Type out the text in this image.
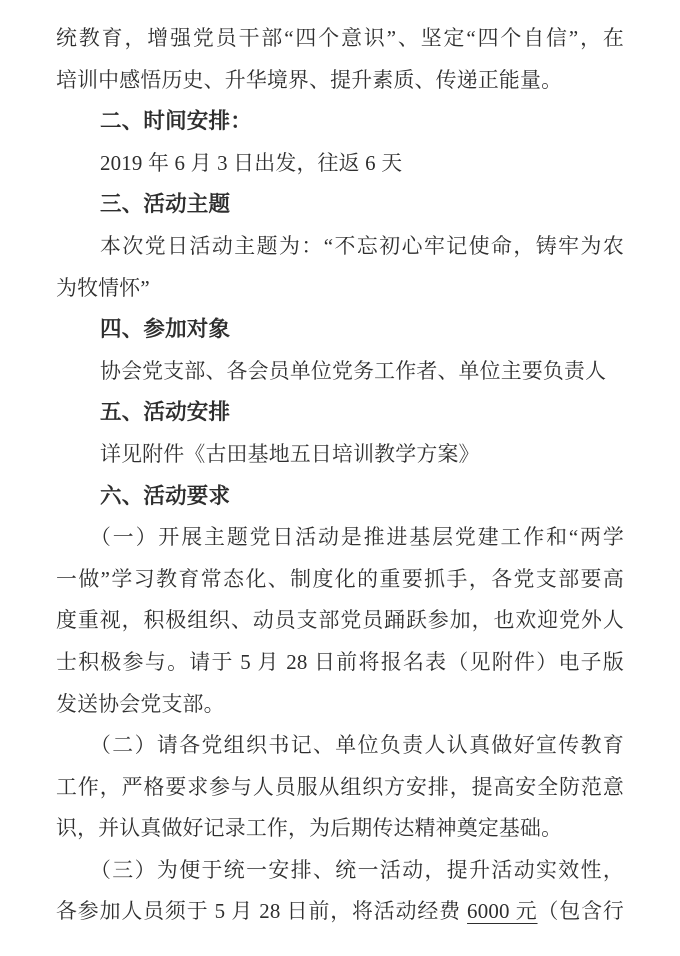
统教育，增强党员干部“四个意识”、坚定“四个自信”，在

培训中感悟历史、升华境界、提升素质、传递正能量。

二、时间安排：

2019 年 6 月 3 日出发，往返 6 天

三、活动主题

本次党日活动主题为：“不忘初心牢记使命，铸牢为农

为牧情怀”

四、参加对象

协会党支部、各会员单位党务工作者、单位主要负责人

五、活动安排

详见附件《古田基地五日培训教学方案》

六、活动要求

（一）开展主题党日活动是推进基层党建工作和“两学

一做”学习教育常态化、制度化的重要抓手，各党支部要高

度重视，积极组织、动员支部党员踊跃参加，也欢迎党外人

士积极参与。请于 5 月 28 日前将报名表（见附件）电子版

发送协会党支部。

（二）请各党组织书记、单位负责人认真做好宣传教育

工作，严格要求参与人员服从组织方安排，提高安全防范意

识，并认真做好记录工作，为后期传达精神奠定基础。

（三）为便于统一安排、统一活动，提升活动实效性，

各参加人员须于 5 月 28 日前，将活动经费 6000 元（包含行
